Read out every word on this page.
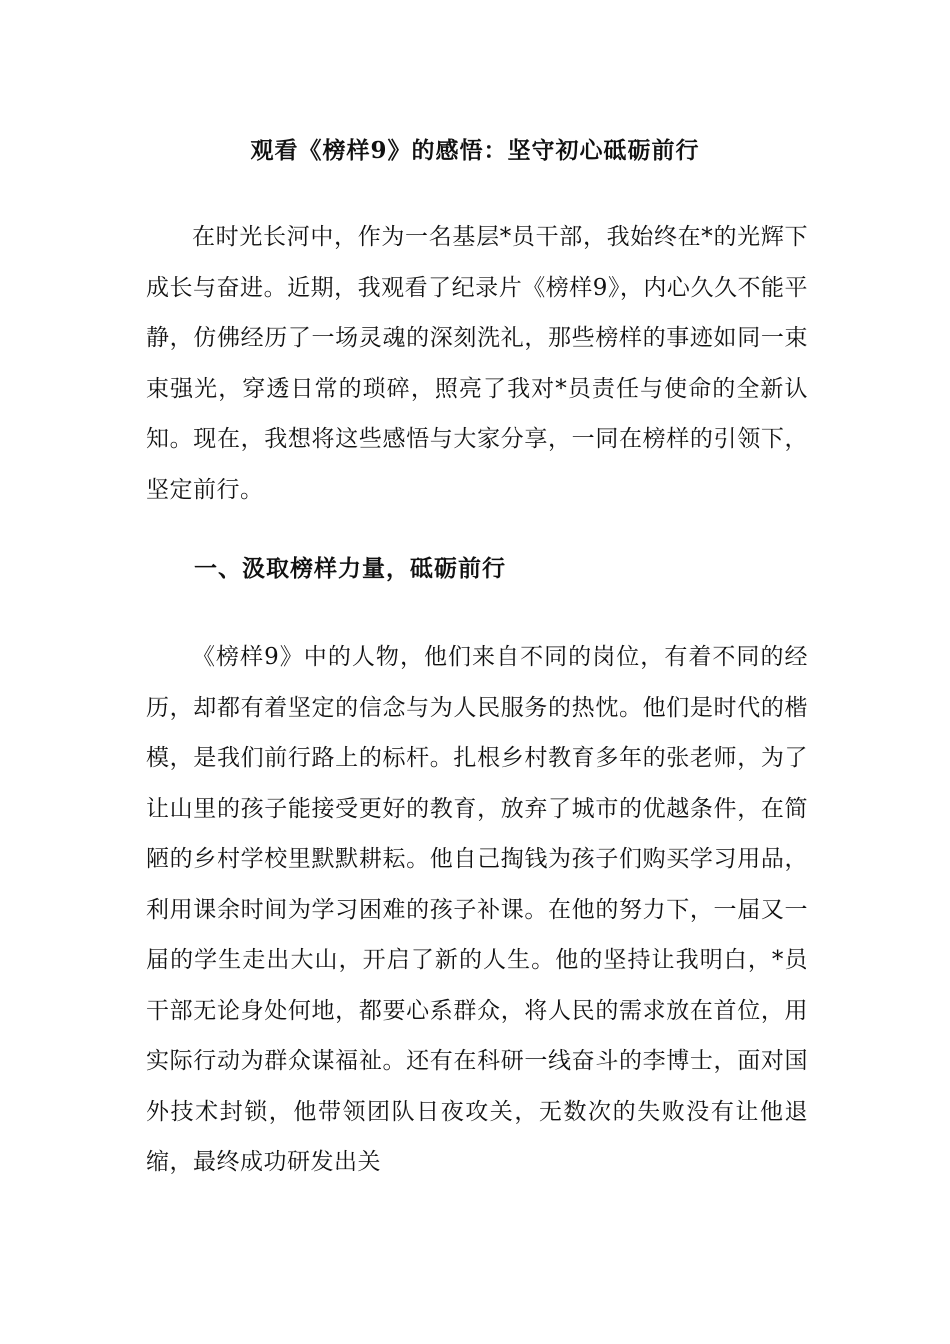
观看《榜样9》的感悟：坚守初心砥砺前行

在时光长河中，作为一名基层*员干部，我始终在*的光辉下成长与奋进。近期，我观看了纪录片《榜样9》，内心久久不能平静，仿佛经历了一场灵魂的深刻洗礼，那些榜样的事迹如同一束束强光，穿透日常的琐碎，照亮了我对*员责任与使命的全新认知。现在，我想将这些感悟与大家分享，一同在榜样的引领下，坚定前行。

一、汲取榜样力量，砥砺前行

《榜样9》中的人物，他们来自不同的岗位，有着不同的经历，却都有着坚定的信念与为人民服务的热忱。他们是时代的楷模，是我们前行路上的标杆。扎根乡村教育多年的张老师，为了让山里的孩子能接受更好的教育，放弃了城市的优越条件，在简陋的乡村学校里默默耕耘。他自己掏钱为孩子们购买学习用品，利用课余时间为学习困难的孩子补课。在他的努力下，一届又一届的学生走出大山，开启了新的人生。他的坚持让我明白，*员干部无论身处何地，都要心系群众，将人民的需求放在首位，用实际行动为群众谋福祉。还有在科研一线奋斗的李博士，面对国外技术封锁，他带领团队日夜攻关，无数次的失败没有让他退缩，最终成功研发出关
